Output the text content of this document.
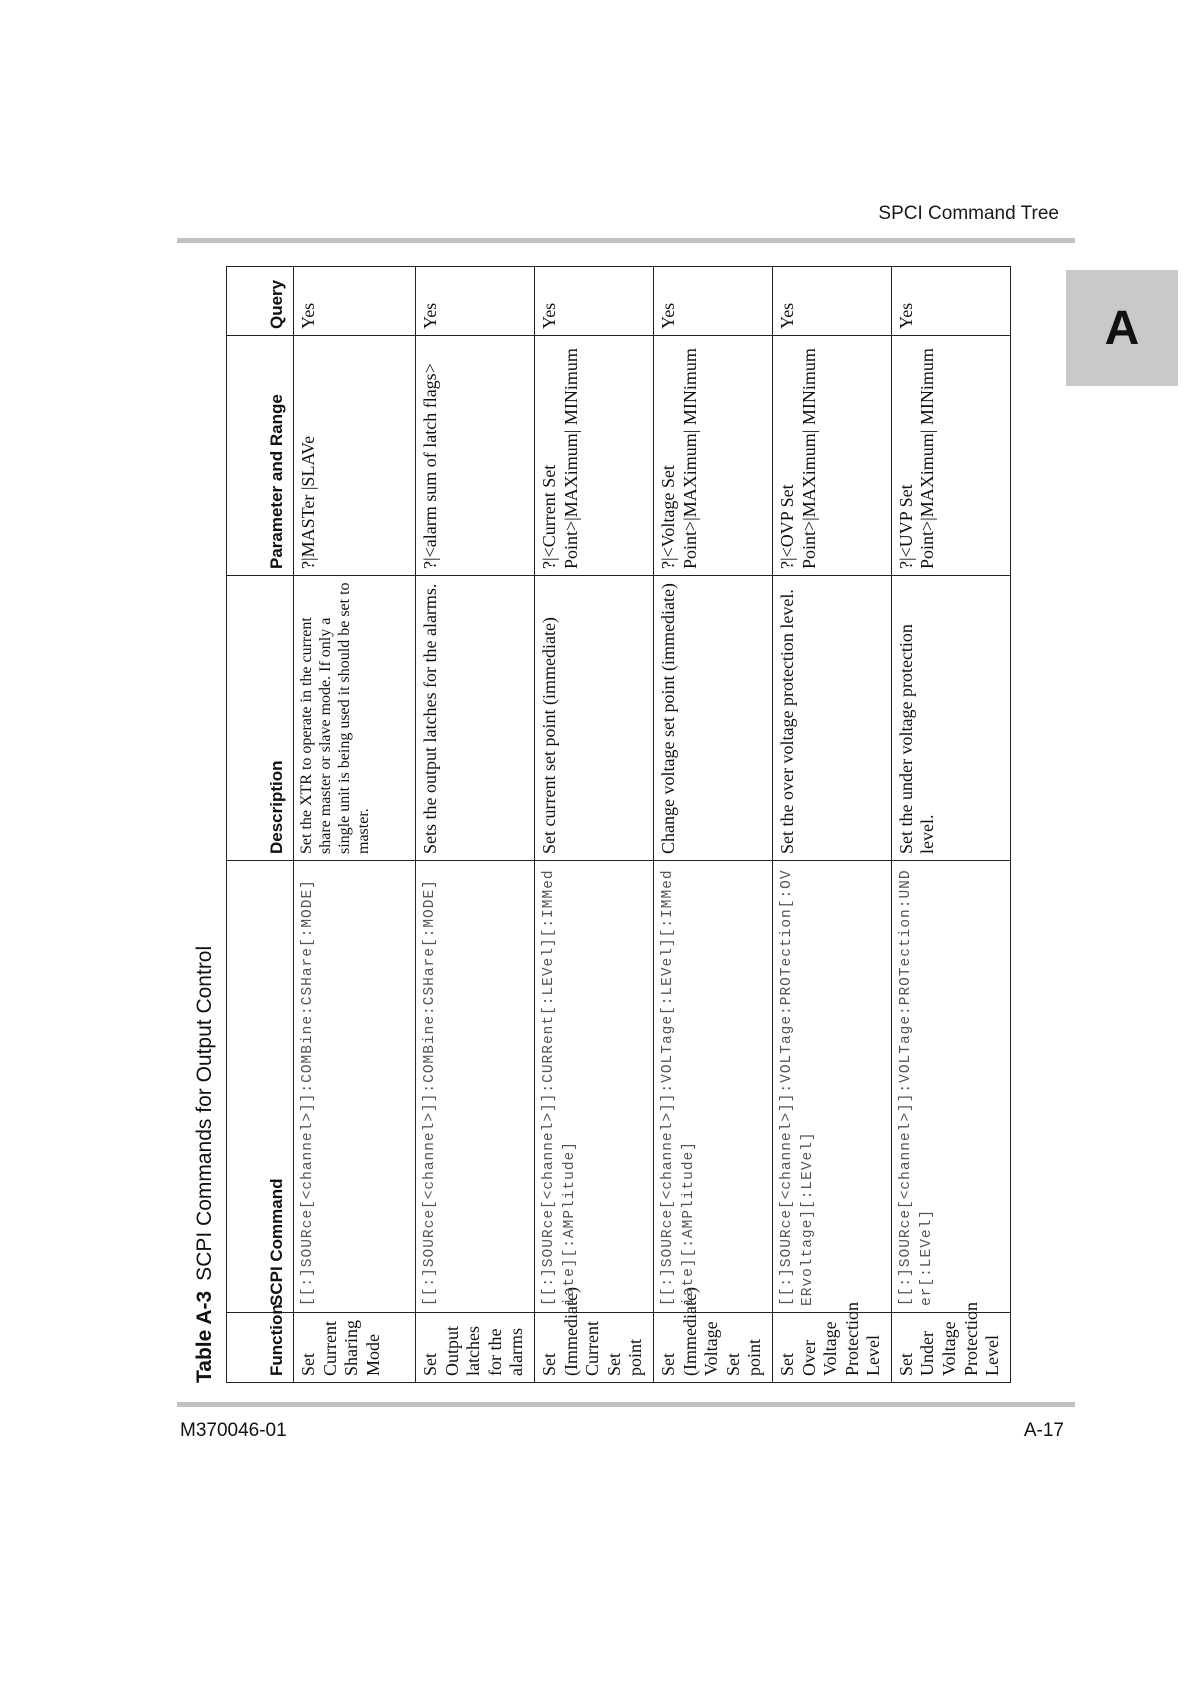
SPCI Command Tree
A
Table A-3SCPI Commands for Output Control
Function	SCPI Command	Description	Parameter and Range	Query
Set Current Sharing Mode	[[:]SOURce[<channel>]]:COMBine:CSHare[:MODE]	Set the XTR to operate in the current share master or slave mode. If only a single unit is being used it should be set to master.	?|MASTer |SLAVe	Yes
Set Output latches for the alarms	[[:]SOURce[<channel>]]:COMBine:CSHare[:MODE]	Sets the output latches for the alarms.	?|<alarm sum of latch flags>	Yes
Set (Immediate) Current Set point	[[:]SOURce[<channel>]]:CURRent[:LEVel][:IMMediate][:AMPlitude]	Set current set point (immediate)	?|<Current Set Point>|MAXimum| MINimum	Yes
Set (Immediate) Voltage Set point	[[:]SOURce[<channel>]]:VOLTage[:LEVel][:IMMediate][:AMPlitude]	Change voltage set point (immediate)	?|<Voltage Set Point>|MAXimum| MINimum	Yes
Set Over Voltage Protection Level	[[:]SOURce[<channel>]]:VOLTage:PROTection[:OVERvoltage][:LEVel]	Set the over voltage protection level.	?|<OVP Set Point>|MAXimum| MINimum	Yes
Set Under Voltage Protection Level	[[:]SOURce[<channel>]]:VOLTage:PROTection:UNDer[:LEVel]	Set the under voltage protection level.	?|<UVP Set Point>|MAXimum| MINimum	Yes
M370046-01	A-17
